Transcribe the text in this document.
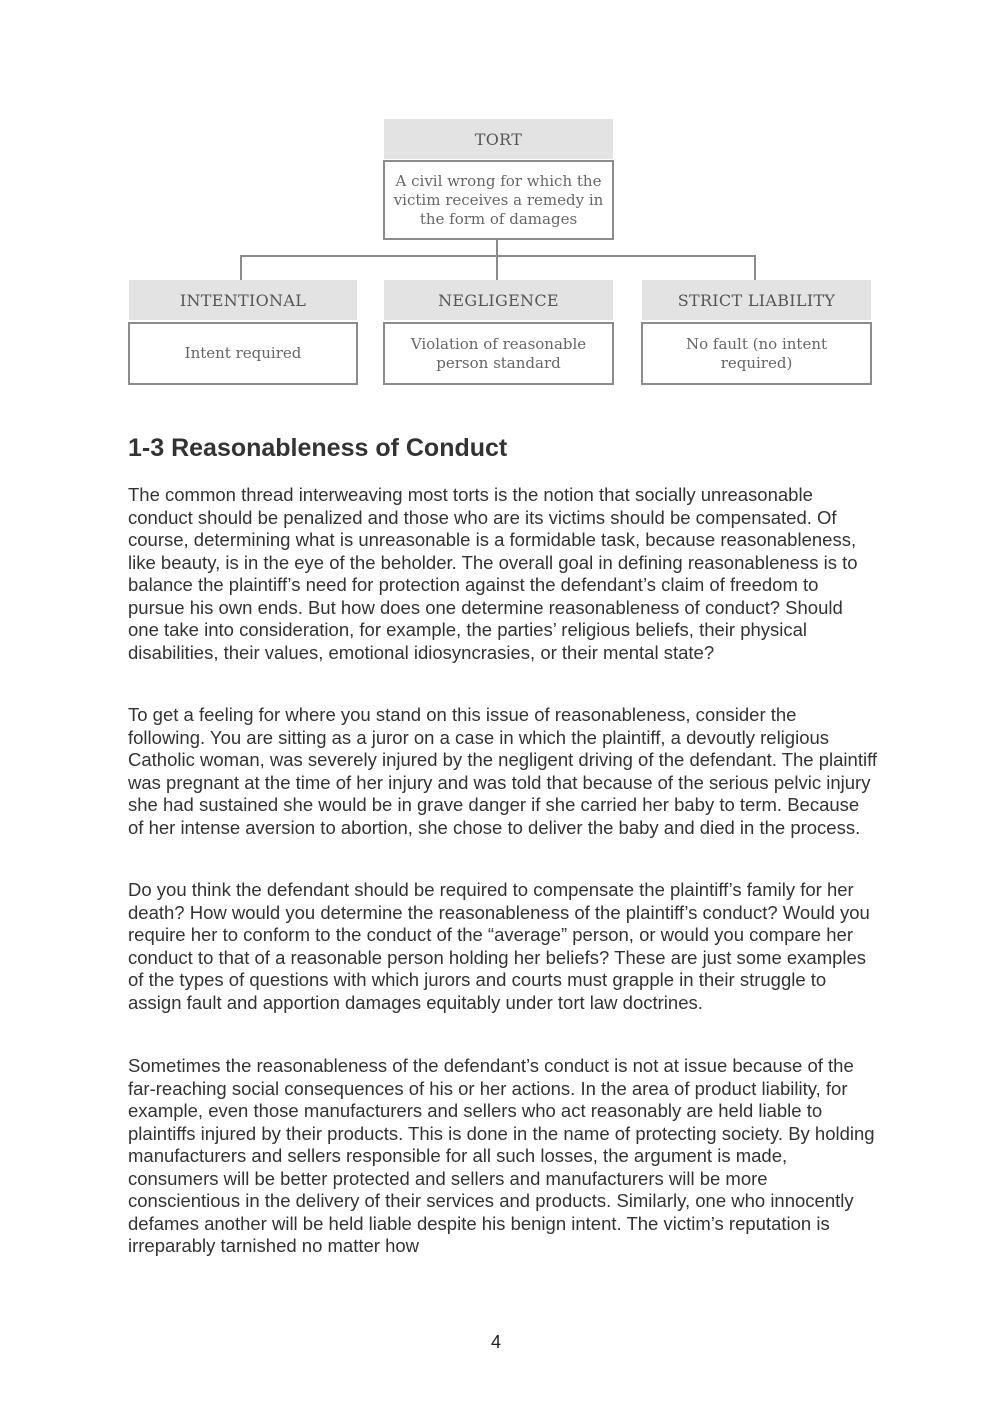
TORT
A civil wrong for which the victim receives a remedy in the form of damages
INTENTIONAL
Intent required
NEGLIGENCE
Violation of reasonable person standard
STRICT LIABILITY
No fault (no intent required)
1-3 Reasonableness of Conduct

The common thread interweaving most torts is the notion that socially unreasonable conduct should be penalized and those who are its victims should be compensated. Of course, determining what is unreasonable is a formidable task, because reasonableness, like beauty, is in the eye of the beholder. The overall goal in defining reasonableness is to balance the plaintiff’s need for protection against the defendant’s claim of freedom to pursue his own ends. But how does one determine reasonableness of conduct? Should one take into consideration, for example, the parties’ religious beliefs, their physical disabilities, their values, emotional idiosyncrasies, or their mental state?

To get a feeling for where you stand on this issue of reasonableness, consider the following. You are sitting as a juror on a case in which the plaintiff, a devoutly religious Catholic woman, was severely injured by the negligent driving of the defendant. The plaintiff was pregnant at the time of her injury and was told that because of the serious pelvic injury she had sustained she would be in grave danger if she carried her baby to term. Because of her intense aversion to abortion, she chose to deliver the baby and died in the process.

Do you think the defendant should be required to compensate the plaintiff’s family for her death? How would you determine the reasonableness of the plaintiff’s conduct? Would you require her to conform to the conduct of the “average” person, or would you compare her conduct to that of a reasonable person holding her beliefs? These are just some examples of the types of questions with which jurors and courts must grapple in their struggle to assign fault and apportion damages equitably under tort law doctrines.

Sometimes the reasonableness of the defendant’s conduct is not at issue because of the far-reaching social consequences of his or her actions. In the area of product liability, for example, even those manufacturers and sellers who act reasonably are held liable to plaintiffs injured by their products. This is done in the name of protecting society. By holding manufacturers and sellers responsible for all such losses, the argument is made, consumers will be better protected and sellers and manufacturers will be more conscientious in the delivery of their services and products. Similarly, one who innocently defames another will be held liable despite his benign intent. The victim’s reputation is irreparably tarnished no matter how

4
